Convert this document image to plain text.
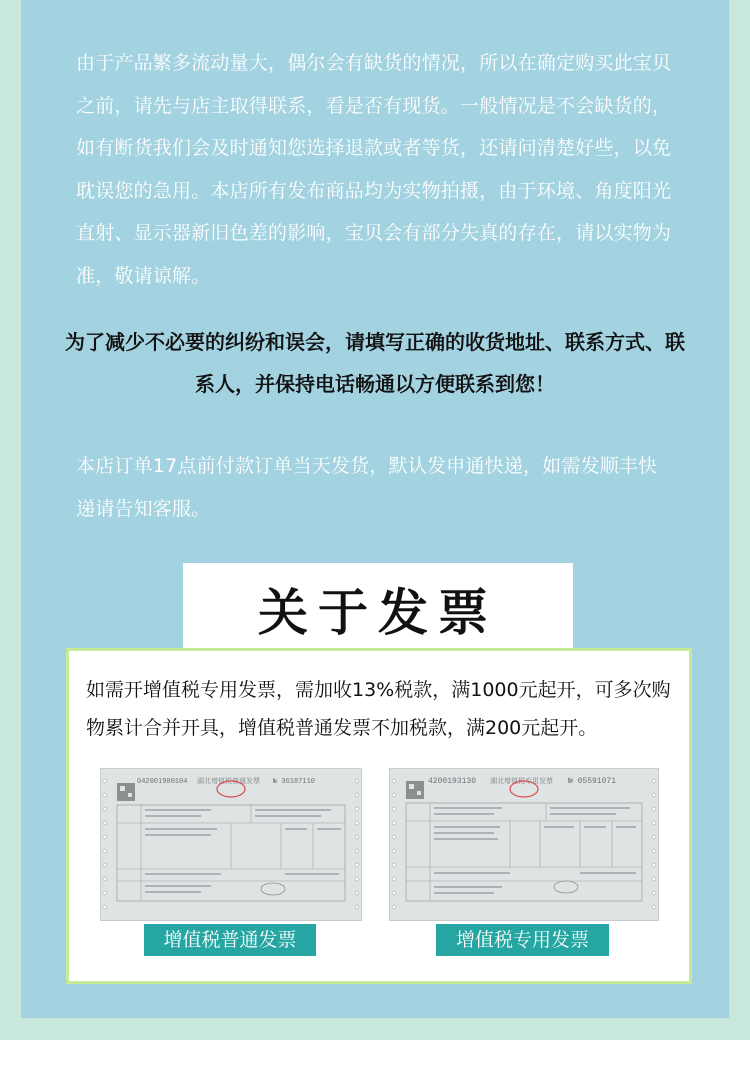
由于产品繁多流动量大，偶尔会有缺货的情况，所以在确定购买此宝贝之前，请先与店主取得联系，看是否有现货。一般情况是不会缺货的，如有断货我们会及时通知您选择退款或者等货，还请问清楚好些，以免耽误您的急用。本店所有发布商品均为实物拍摄，由于环境、角度阳光直射、显示器新旧色差的影响，宝贝会有部分失真的存在，请以实物为准，敬请谅解。
为了减少不必要的纠纷和误会，请填写正确的收货地址、联系方式、联系人，并保持电话畅通以方便联系到您！
本店订单17点前付款订单当天发货，默认发申通快递，如需发顺丰快递请告知客服。
关于发票
如需开增值税专用发票，需加收13%税款，满1000元起开，可多次购物累计合并开具，增值税普通发票不加税款，满200元起开。
042001900104 湖北增值税普通发票 № 36187110	4200193130 湖北增值税专用发票 № 05591071
增值税普通发票	增值税专用发票
